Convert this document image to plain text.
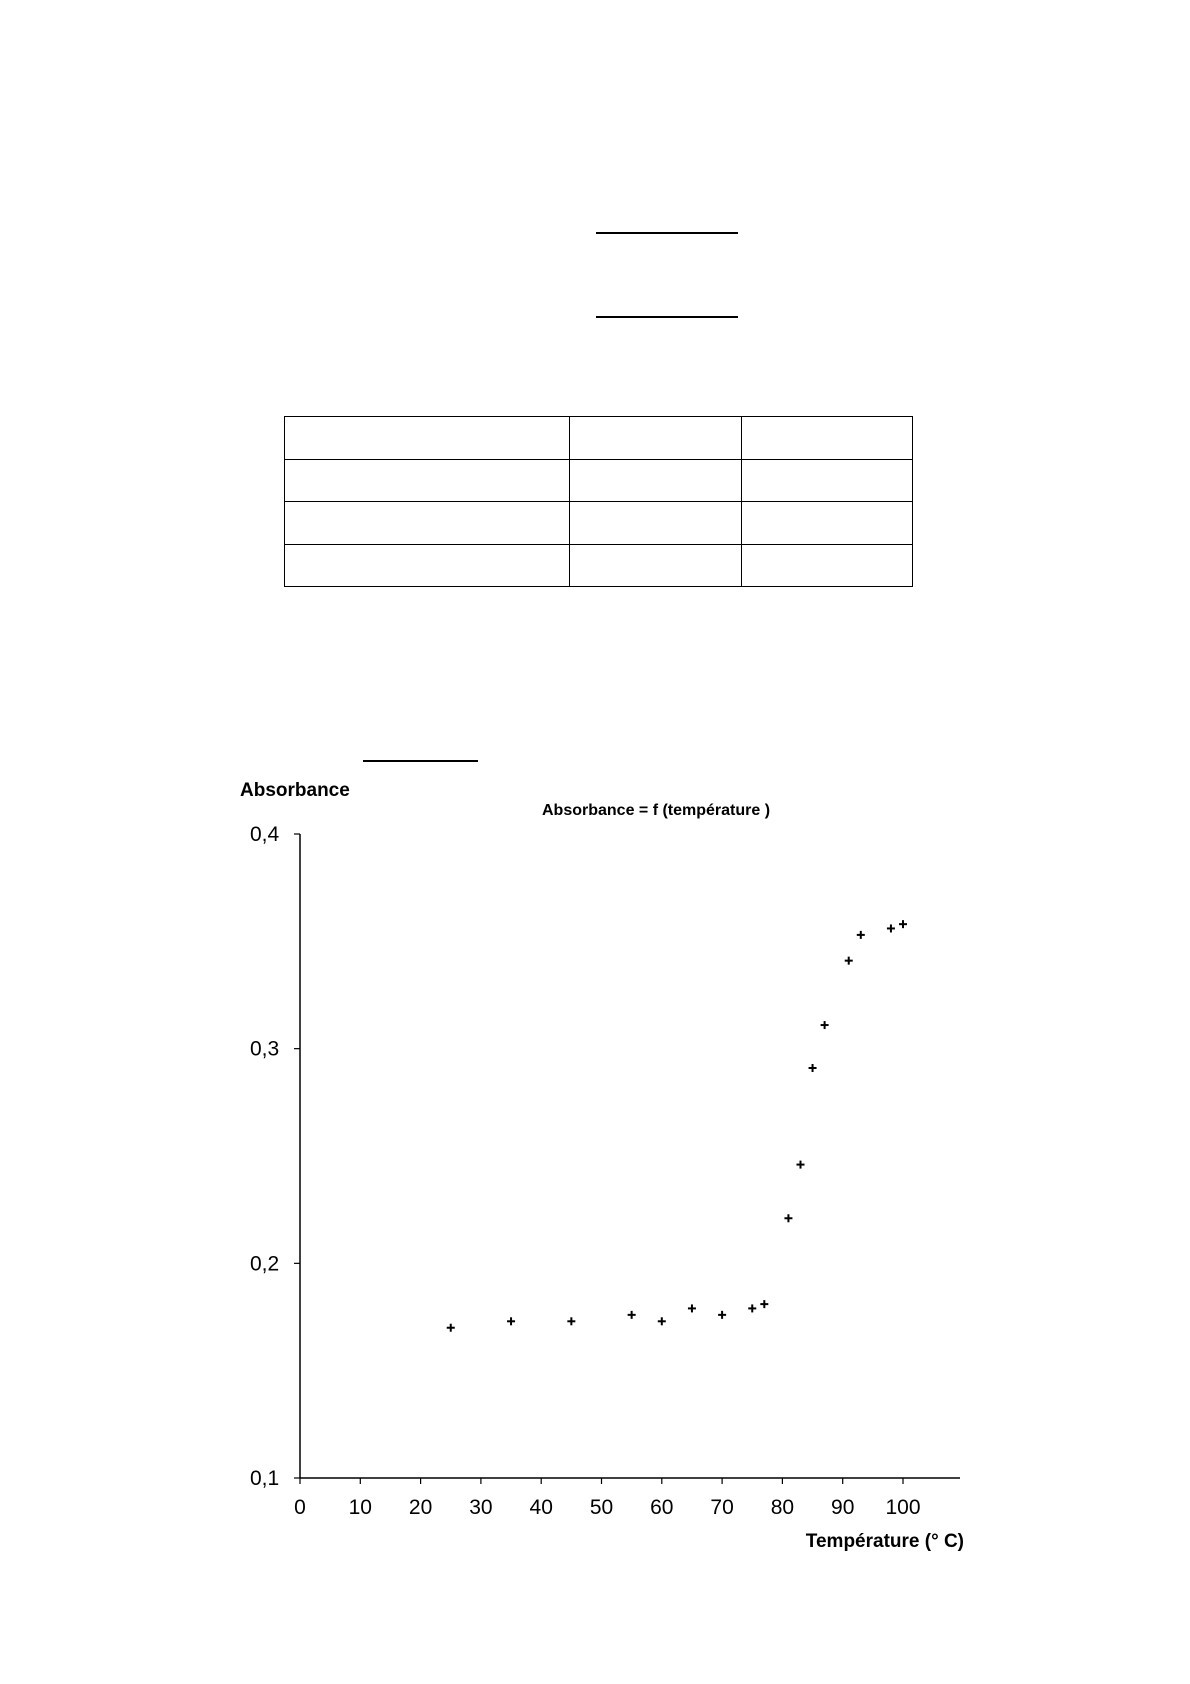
Absorbance
Absorbance = f (température )
0,1
0,2
0,3
0,4
0 10 20 30 40 50 60 70 80 90 100
Température (° C)
